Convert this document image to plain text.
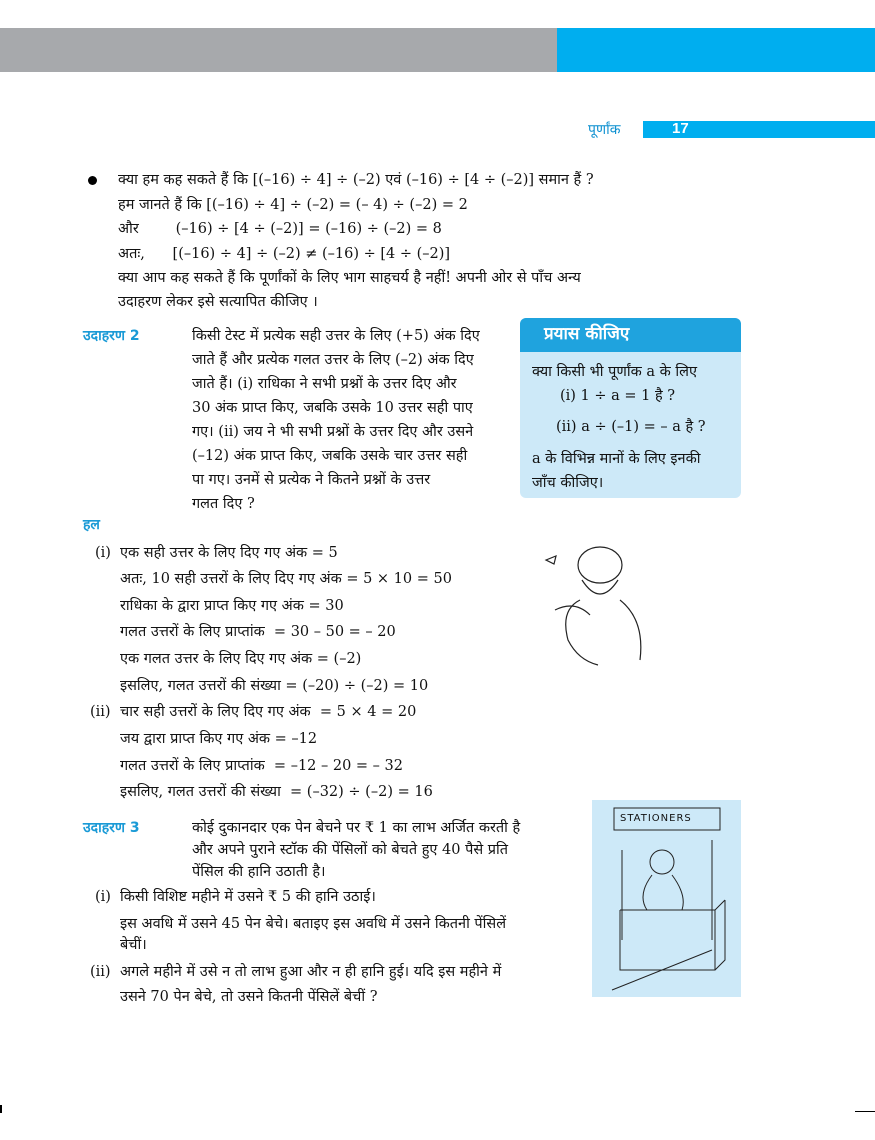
पूर्णांक	17
क्या हम कह सकते हैं कि [(–16) ÷ 4] ÷ (–2) एवं (–16) ÷ [4 ÷ (–2)] समान हैं ?
हम जानते हैं कि [(–16) ÷ 4] ÷ (–2) = (– 4) ÷ (–2) = 2
और        (–16) ÷ [4 ÷ (–2)] = (–16) ÷ (–2) = 8
अतः,      [(–16) ÷ 4] ÷ (–2) ≠ (–16) ÷ [4 ÷ (–2)]
क्या आप कह सकते हैं कि पूर्णांकों के लिए भाग साहचर्य है नहीं! अपनी ओर से पाँच अन्य
उदाहरण लेकर इसे सत्यापित कीजिए ।
उदाहरण 2	किसी टेस्ट में प्रत्येक सही उत्तर के लिए (+5) अंक दिए
जाते हैं और प्रत्येक गलत उत्तर के लिए (–2) अंक दिए
जाते हैं। (i) राधिका ने सभी प्रश्नों के उत्तर दिए और
30 अंक प्राप्त किए, जबकि उसके 10 उत्तर सही पाए
गए। (ii) जय ने भी सभी प्रश्नों के उत्तर दिए और उसने
(–12) अंक प्राप्त किए, जबकि उसके चार उत्तर सही
पा गए। उनमें से प्रत्येक ने कितने प्रश्नों के उत्तर
गलत दिए ?
प्रयास कीजिए
क्या किसी भी पूर्णांक a के लिए
(i) 1 ÷ a = 1 है ?
(ii) a ÷ (–1) = – a है ?
a के विभिन्न मानों के लिए इनकी
जाँच कीजिए।
हल
(i) एक सही उत्तर के लिए दिए गए अंक = 5
अतः, 10 सही उत्तरों के लिए दिए गए अंक = 5 × 10 = 50
राधिका के द्वारा प्राप्त किए गए अंक = 30
गलत उत्तरों के लिए प्राप्तांक  = 30 – 50 = – 20
एक गलत उत्तर के लिए दिए गए अंक = (–2)
इसलिए, गलत उत्तरों की संख्या = (–20) ÷ (–2) = 10
(ii) चार सही उत्तरों के लिए दिए गए अंक  = 5 × 4 = 20
जय द्वारा प्राप्त किए गए अंक = –12
गलत उत्तरों के लिए प्राप्तांक  = –12 – 20 = – 32
इसलिए, गलत उत्तरों की संख्या  = (–32) ÷ (–2) = 16
उदाहरण 3	कोई दुकानदार एक पेन बेचने पर ₹ 1 का लाभ अर्जित करती है
और अपने पुराने स्टॉक की पेंसिलों को बेचते हुए 40 पैसे प्रति
पेंसिल की हानि उठाती है।
(i) किसी विशिष्ट महीने में उसने ₹ 5 की हानि उठाई।
इस अवधि में उसने 45 पेन बेचे। बताइए इस अवधि में उसने कितनी पेंसिलें
बेचीं।
(ii) अगले महीने में उसे न तो लाभ हुआ और न ही हानि हुई। यदि इस महीने में
उसने 70 पेन बेचे, तो उसने कितनी पेंसिलें बेचीं ?
STATIONERS
